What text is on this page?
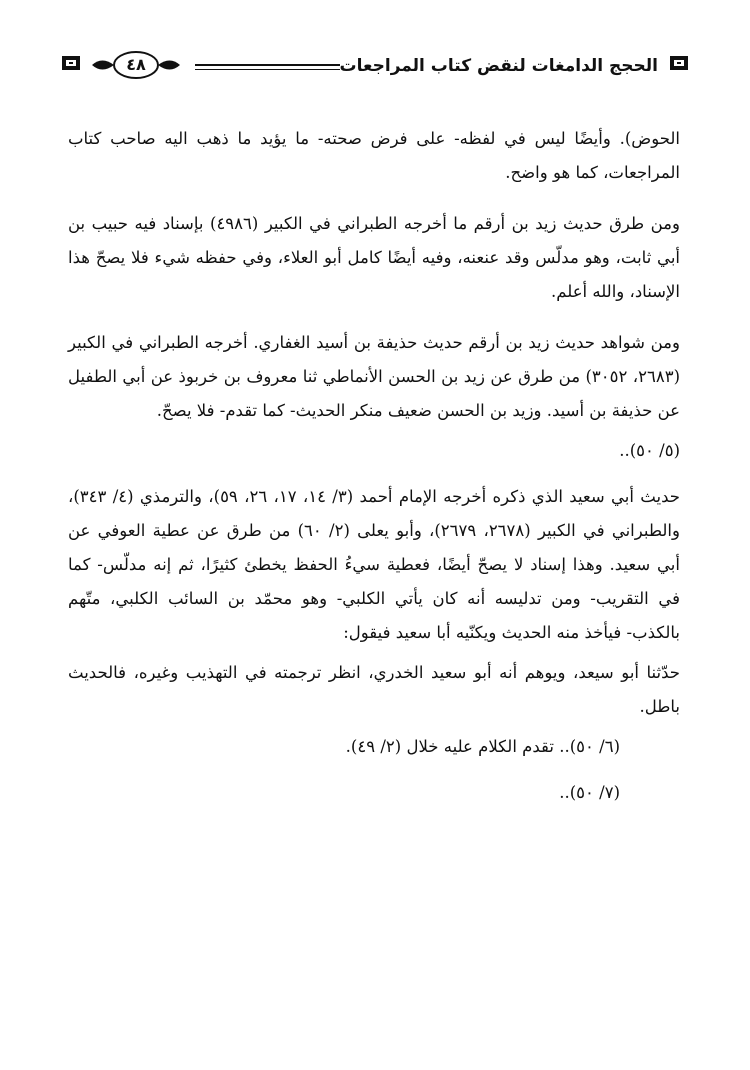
الحجج الدامغات لنقض كتاب المراجعات
٤٨

الحوض). وأيضًا ليس في لفظه- على فرض صحته- ما يؤيد ما ذهب اليه صاحب كتاب المراجعات، كما هو واضح.

ومن طرق حديث زيد بن أرقم ما أخرجه الطبراني في الكبير (٤٩٨٦) بإسناد فيه حبيب بن أبي ثابت، وهو مدلّس وقد عنعنه، وفيه أيضًا كامل أبو العلاء، وفي حفظه شيء فلا يصحّ هذا الإسناد، والله أعلم.

ومن شواهد حديث زيد بن أرقم حديث حذيفة بن أسيد الغفاري. أخرجه الطبراني في الكبير (٢٦٨٣، ٣٠٥٢) من طرق عن زيد بن الحسن الأنماطي ثنا معروف بن خربوذ عن أبي الطفيل عن حذيفة بن أسيد. وزيد بن الحسن ضعيف منكر الحديث- كما تقدم- فلا يصحّ.

(٥/ ٥٠)..

حديث أبي سعيد الذي ذكره أخرجه الإمام أحمد (٣/ ١٤، ١٧، ٢٦، ٥٩)، والترمذي (٤/ ٣٤٣)، والطبراني في الكبير (٢٦٧٨، ٢٦٧٩)، وأبو يعلى (٢/ ٦٠) من طرق عن عطية العوفي عن أبي سعيد. وهذا إسناد لا يصحّ أيضًا، فعطية سيءُ الحفظ يخطئ كثيرًا، ثم إنه مدلّس- كما في التقريب- ومن تدليسه أنه كان يأتي الكلبي- وهو محمّد بن السائب الكلبي، متّهم بالكذب- فيأخذ منه الحديث ويكنّيه أبا سعيد فيقول:

حدّثنا أبو سيعد، ويوهم أنه أبو سعيد الخدري، انظر ترجمته في التهذيب وغيره، فالحديث باطل.

(٦/ ٥٠).. تقدم الكلام عليه خلال (٢/ ٤٩).

(٧/ ٥٠)..
